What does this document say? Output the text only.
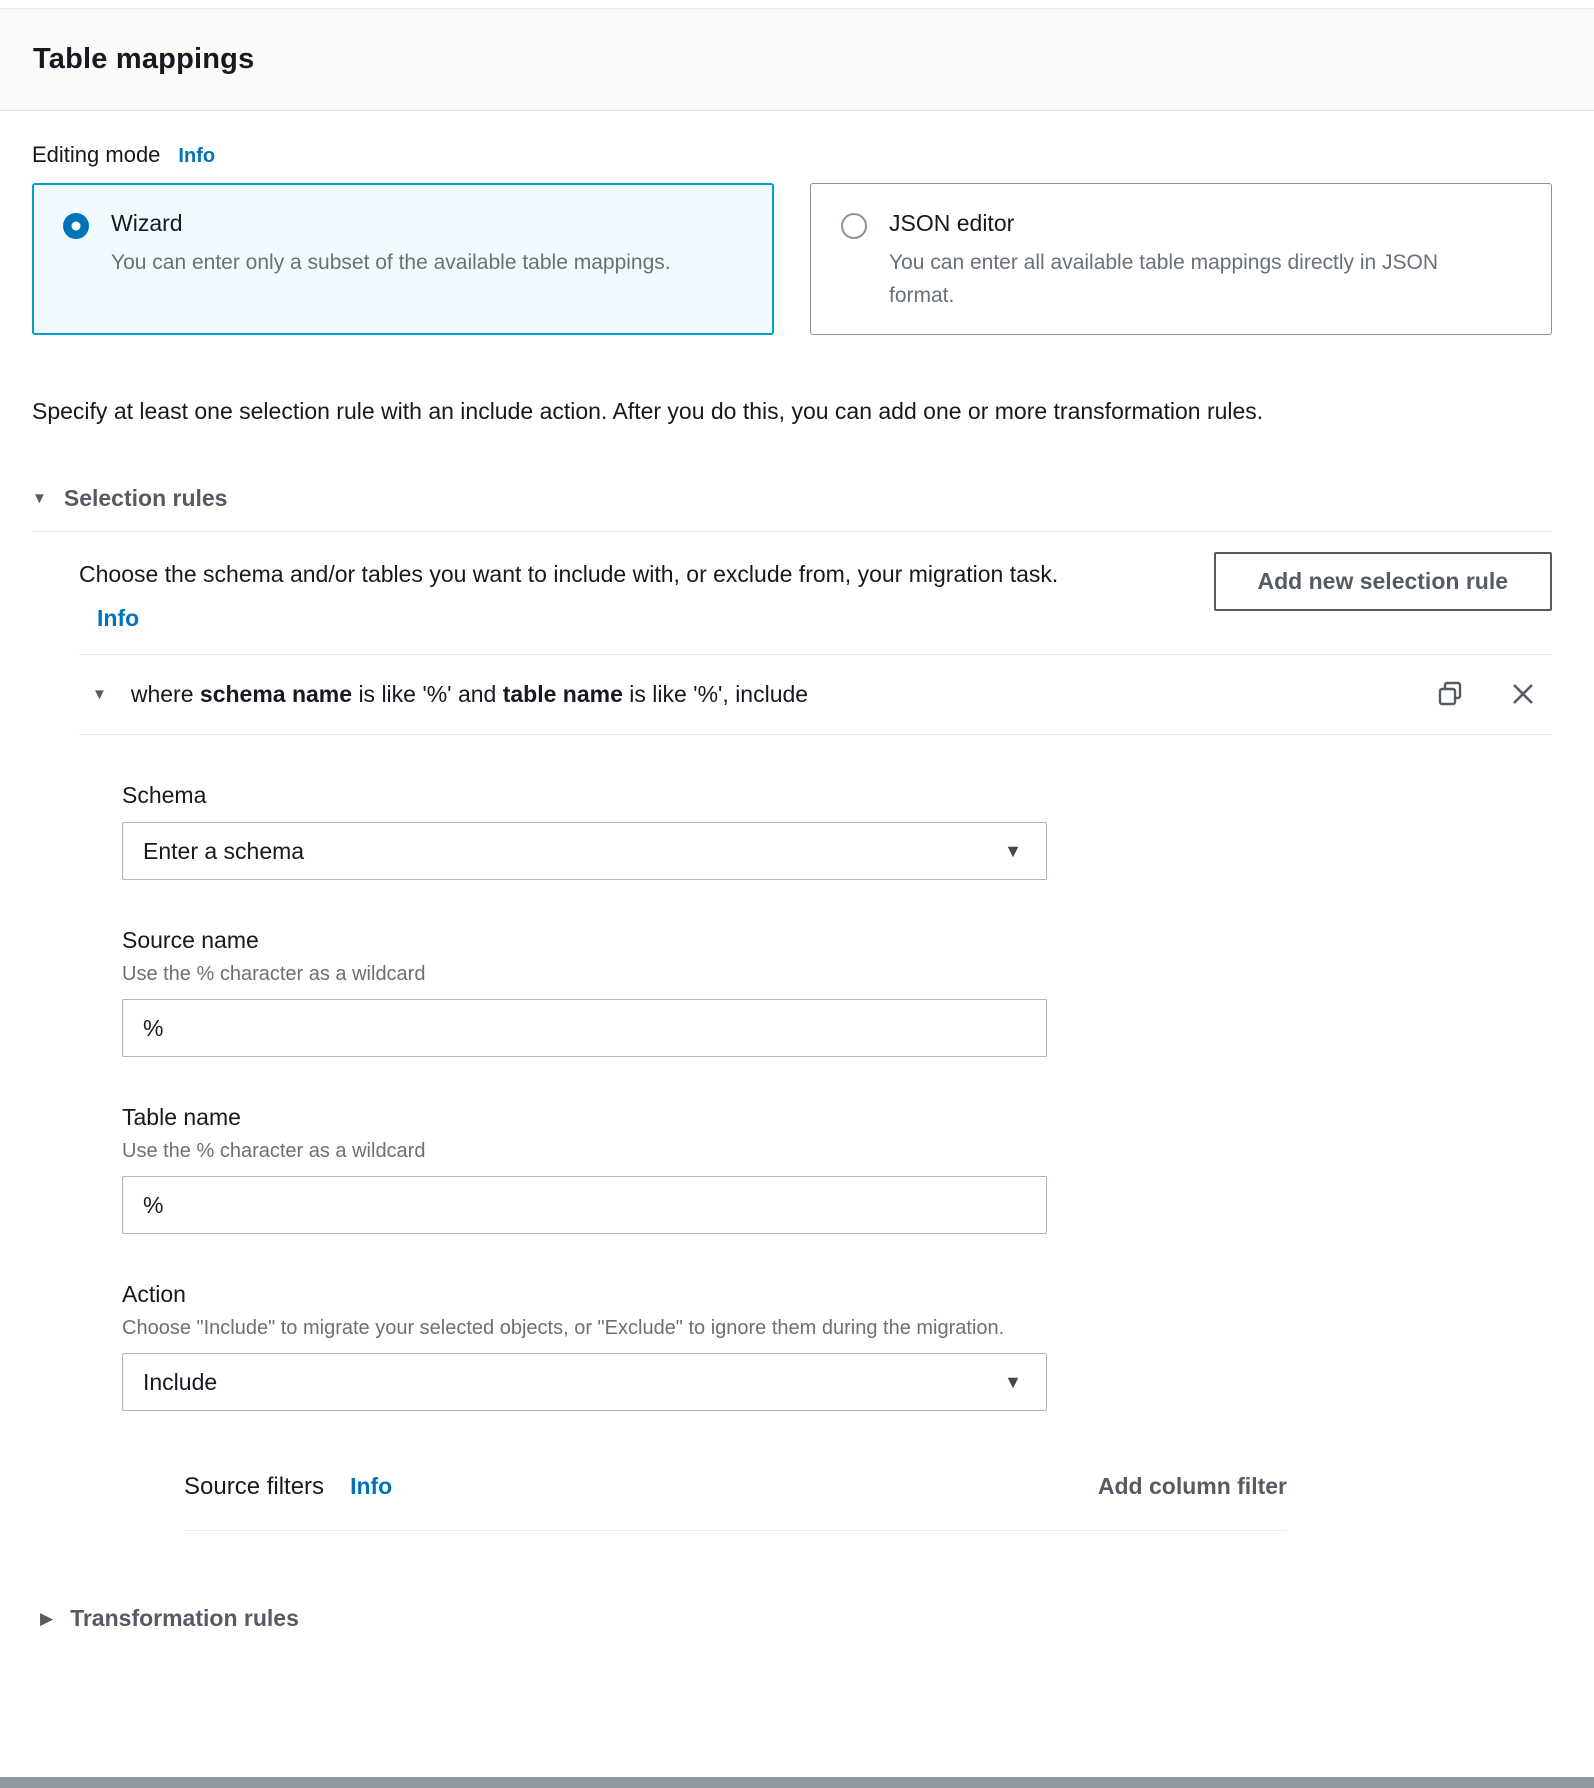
Table mappings
Editing mode Info
Wizard
You can enter only a subset of the available table mappings.
JSON editor
You can enter all available table mappings directly in JSON format.

Specify at least one selection rule with an include action. After you do this, you can add one or more transformation rules.

▼ Selection rules
Choose the schema and/or tables you want to include with, or exclude from, your migration task. Info
Add new selection rule
▼ where schema name is like '%' and table name is like '%', include
Schema
Enter a schema	▼
Source name
Use the % character as a wildcard
%
Table name
Use the % character as a wildcard
%
Action
Choose "Include" to migrate your selected objects, or "Exclude" to ignore them during the migration.
Include	▼
Source filters Info	Add column filter
▶ Transformation rules
